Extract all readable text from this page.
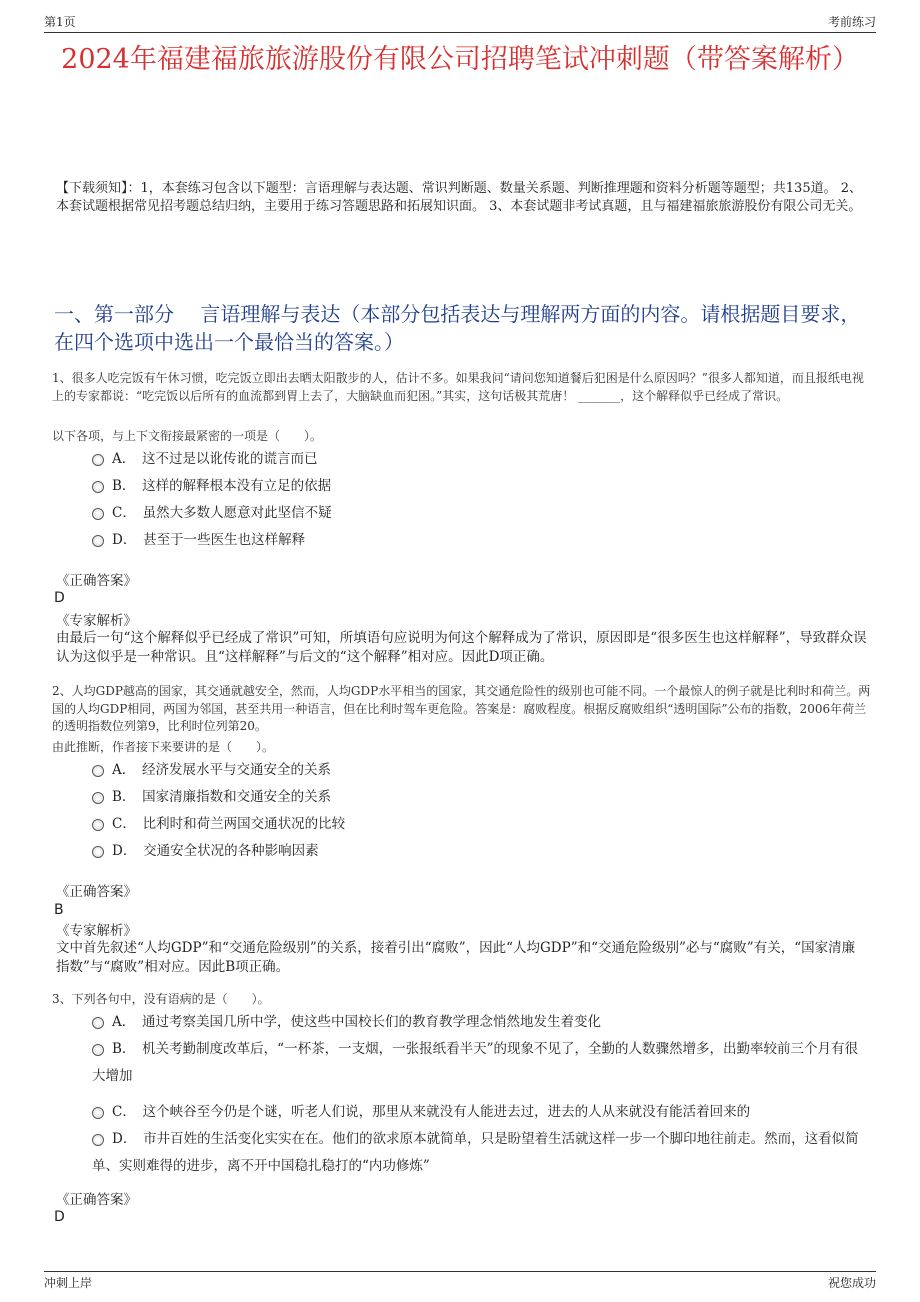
第1页	考前练习
2024年福建福旅旅游股份有限公司招聘笔试冲刺题（带答案解析）
【下载须知】：1，本套练习包含以下题型：言语理解与表达题、常识判断题、数量关系题、判断推理题和资料分析题等题型；共135道。 2、本套试题根据常见招考题总结归纳，主要用于练习答题思路和拓展知识面。 3、本套试题非考试真题，且与福建福旅旅游股份有限公司无关。
一、第一部分　 言语理解与表达（本部分包括表达与理解两方面的内容。请根据题目要求，在四个选项中选出一个最恰当的答案。）
1、很多人吃完饭有午休习惯，吃完饭立即出去晒太阳散步的人，估计不多。如果我问“请问您知道餐后犯困是什么原因吗？”很多人都知道，而且报纸电视上的专家都说：“吃完饭以后所有的血流都到胃上去了，大脑缺血而犯困。”其实，这句话极其荒唐！ _______，这个解释似乎已经成了常识。
以下各项，与上下文衔接最紧密的一项是（　　）。
A．　这不过是以讹传讹的谎言而已
B．　这样的解释根本没有立足的依据
C．　虽然大多数人愿意对此坚信不疑
D．　甚至于一些医生也这样解释
《正确答案》
D
《专家解析》
由最后一句“这个解释似乎已经成了常识”可知，所填语句应说明为何这个解释成为了常识，原因即是“很多医生也这样解释”，导致群众误认为这似乎是一种常识。且“这样解释”与后文的“这个解释”相对应。因此D项正确。
2、人均GDP越高的国家，其交通就越安全，然而，人均GDP水平相当的国家，其交通危险性的级别也可能不同。一个最惊人的例子就是比利时和荷兰。两国的人均GDP相同，两国为邻国，甚至共用一种语言，但在比利时驾车更危险。答案是：腐败程度。根据反腐败组织“透明国际”公布的指数，2006年荷兰的透明指数位列第9，比利时位列第20。
由此推断，作者接下来要讲的是（　　）。
A．　经济发展水平与交通安全的关系
B．　国家清廉指数和交通安全的关系
C．　比利时和荷兰两国交通状况的比较
D．　交通安全状况的各种影响因素
《正确答案》
B
《专家解析》
文中首先叙述“人均GDP”和“交通危险级别”的关系，接着引出“腐败”，因此“人均GDP”和“交通危险级别”必与“腐败”有关，“国家清廉指数”与“腐败”相对应。因此B项正确。
3、下列各句中，没有语病的是（　　）。
A．　通过考察美国几所中学，使这些中国校长们的教育教学理念悄然地发生着变化
B．　机关考勤制度改革后，“一杯茶，一支烟，一张报纸看半天”的现象不见了，全勤的人数骤然增多，出勤率较前三个月有很大增加
C．　这个峡谷至今仍是个谜，听老人们说，那里从来就没有人能进去过，进去的人从来就没有能活着回来的
D．　市井百姓的生活变化实实在在。他们的欲求原本就简单，只是盼望着生活就这样一步一个脚印地往前走。然而，这看似简单、实则难得的进步，离不开中国稳扎稳打的“内功修炼”
《正确答案》
D
冲刺上岸	祝您成功
